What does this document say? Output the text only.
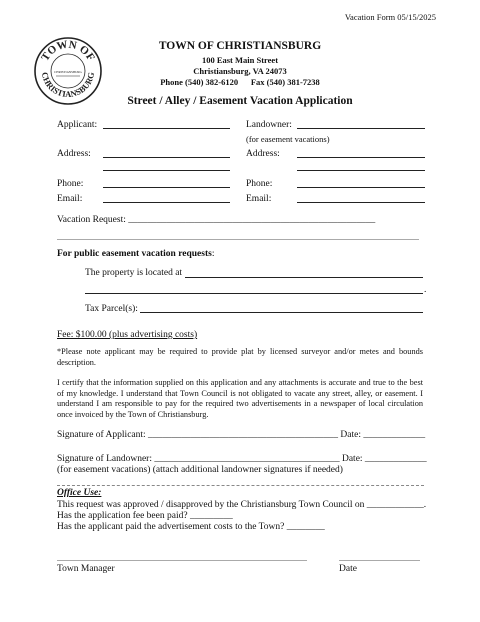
Vacation Form 05/15/2025
TOWN OF
CHRISTIANSBURG
CHRISTIANSBURG
TOWN OF CHRISTIANSBURG
100 East Main Street
Christiansburg, VA 24073
Phone (540) 382-6120      Fax (540) 381-7238
Street / Alley / Easement Vacation Application
Applicant:	Landowner:
(for easement vacations)
Address:	Address:
Phone:	Phone:
Email:	Email:
Vacation Request: ____________________________________________________
For public easement vacation requests:
The property is located at
.
Tax Parcel(s):
Fee: $100.00 (plus advertising costs)
*Please note applicant may be required to provide plat by licensed surveyor and/or metes and bounds description.
I certify that the information supplied on this application and any attachments is accurate and true to the best of my knowledge. I understand that Town Council is not obligated to vacate any street, alley, or easement. I understand I am responsible to pay for the required two advertisements in a newspaper of local circulation once invoiced by the Town of Christiansburg.
Signature of Applicant: ________________________________________ Date: _____________
Signature of Landowner: _______________________________________ Date: _____________
(for easement vacations) (attach additional landowner signatures if needed)
Office Use:
This request was approved / disapproved by the Christiansburg Town Council on ____________.
Has the application fee been paid? _________
Has the applicant paid the advertisement costs to the Town? ________
Town Manager	Date
